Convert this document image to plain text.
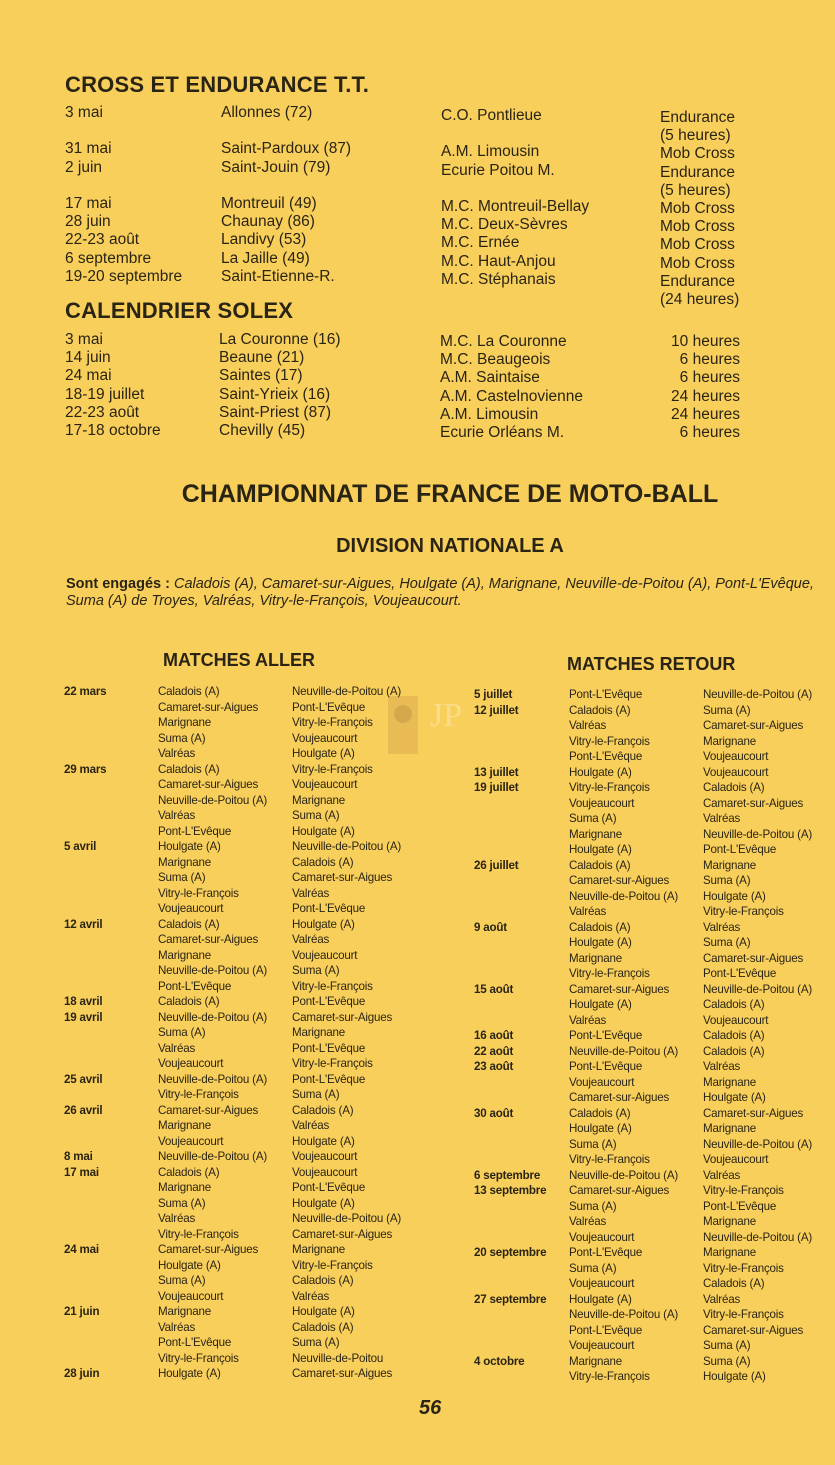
CROSS ET ENDURANCE T.T.
3 mai
31 mai
2 juin
17 mai
28 juin
22-23 août
6 septembre
19-20 septembre
Allonnes (72)
Saint-Pardoux (87)
Saint-Jouin (79)
Montreuil (49)
Chaunay (86)
Landivy (53)
La Jaille (49)
Saint-Etienne-R.
C.O. Pontlieue
A.M. Limousin
Ecurie Poitou M.
M.C. Montreuil-Bellay
M.C. Deux-Sèvres
M.C. Ernée
M.C. Haut-Anjou
M.C. Stéphanais
Endurance
(5 heures)
Mob Cross
Endurance
(5 heures)
Mob Cross
Mob Cross
Mob Cross
Mob Cross
Endurance
(24 heures)
CALENDRIER SOLEX
3 mai
14 juin
24 mai
18-19 juillet
22-23 août
17-18 octobre
La Couronne (16)
Beaune (21)
Saintes (17)
Saint-Yrieix (16)
Saint-Priest (87)
Chevilly (45)
M.C. La Couronne
M.C. Beaugeois
A.M. Saintaise
A.M. Castelnovienne
A.M. Limousin
Ecurie Orléans M.
10 heures
6 heures
6 heures
24 heures
24 heures
6 heures
CHAMPIONNAT DE FRANCE DE MOTO-BALL
DIVISION NATIONALE A
Sont engagés : Caladois (A), Camaret-sur-Aigues, Houlgate (A), Marignane, Neuville-de-Poitou (A), Pont-L'Evêque, Suma (A) de Troyes, Valréas, Vitry-le-François, Voujeaucourt.
MATCHES ALLER	MATCHES RETOUR
22 mars
29 mars
5 avril
12 avril
18 avril
19 avril
25 avril
26 avril
8 mai
17 mai
24 mai
21 juin
28 juin
Caladois (A)
Camaret-sur-Aigues
Marignane
Suma (A)
Valréas
Caladois (A)
Camaret-sur-Aigues
Neuville-de-Poitou (A)
Valréas
Pont-L'Evêque
Houlgate (A)
Marignane
Suma (A)
Vitry-le-François
Voujeaucourt
Caladois (A)
Camaret-sur-Aigues
Marignane
Neuville-de-Poitou (A)
Pont-L'Evêque
Caladois (A)
Neuville-de-Poitou (A)
Suma (A)
Valréas
Voujeaucourt
Neuville-de-Poitou (A)
Vitry-le-François
Camaret-sur-Aigues
Marignane
Voujeaucourt
Neuville-de-Poitou (A)
Caladois (A)
Marignane
Suma (A)
Valréas
Vitry-le-François
Camaret-sur-Aigues
Houlgate (A)
Suma (A)
Voujeaucourt
Marignane
Valréas
Pont-L'Evêque
Vitry-le-François
Houlgate (A)
Neuville-de-Poitou (A)
Pont-L'Evêque
Vitry-le-François
Voujeaucourt
Houlgate (A)
Vitry-le-François
Voujeaucourt
Marignane
Suma (A)
Houlgate (A)
Neuville-de-Poitou (A)
Caladois (A)
Camaret-sur-Aigues
Valréas
Pont-L'Evêque
Houlgate (A)
Valréas
Voujeaucourt
Suma (A)
Vitry-le-François
Pont-L'Evêque
Camaret-sur-Aigues
Marignane
Pont-L'Evêque
Vitry-le-François
Pont-L'Evêque
Suma (A)
Caladois (A)
Valréas
Houlgate (A)
Voujeaucourt
Voujeaucourt
Pont-L'Evêque
Houlgate (A)
Neuville-de-Poitou (A)
Camaret-sur-Aigues
Marignane
Vitry-le-François
Caladois (A)
Valréas
Houlgate (A)
Caladois (A)
Suma (A)
Neuville-de-Poitou
Camaret-sur-Aigues
5 juillet
12 juillet
13 juillet
19 juillet
26 juillet
9 août
15 août
16 août
22 août
23 août
30 août
6 septembre
13 septembre
20 septembre
27 septembre
4 octobre
Pont-L'Evêque
Caladois (A)
Valréas
Vitry-le-François
Pont-L'Evêque
Houlgate (A)
Vitry-le-François
Voujeaucourt
Suma (A)
Marignane
Houlgate (A)
Caladois (A)
Camaret-sur-Aigues
Neuville-de-Poitou (A)
Valréas
Caladois (A)
Houlgate (A)
Marignane
Vitry-le-François
Camaret-sur-Aigues
Houlgate (A)
Valréas
Pont-L'Evêque
Neuville-de-Poitou (A)
Pont-L'Evêque
Voujeaucourt
Camaret-sur-Aigues
Caladois (A)
Houlgate (A)
Suma (A)
Vitry-le-François
Neuville-de-Poitou (A)
Camaret-sur-Aigues
Suma (A)
Valréas
Voujeaucourt
Pont-L'Evêque
Suma (A)
Voujeaucourt
Houlgate (A)
Neuville-de-Poitou (A)
Pont-L'Evêque
Voujeaucourt
Marignane
Vitry-le-François
Neuville-de-Poitou (A)
Suma (A)
Camaret-sur-Aigues
Marignane
Voujeaucourt
Voujeaucourt
Caladois (A)
Camaret-sur-Aigues
Valréas
Neuville-de-Poitou (A)
Pont-L'Evêque
Marignane
Suma (A)
Houlgate (A)
Vitry-le-François
Valréas
Suma (A)
Camaret-sur-Aigues
Pont-L'Evêque
Neuville-de-Poitou (A)
Caladois (A)
Voujeaucourt
Caladois (A)
Caladois (A)
Valréas
Marignane
Houlgate (A)
Camaret-sur-Aigues
Marignane
Neuville-de-Poitou (A)
Voujeaucourt
Valréas
Vitry-le-François
Pont-L'Evêque
Marignane
Neuville-de-Poitou (A)
Marignane
Vitry-le-François
Caladois (A)
Valréas
Vitry-le-François
Camaret-sur-Aigues
Suma (A)
Suma (A)
Houlgate (A)
JP
56
